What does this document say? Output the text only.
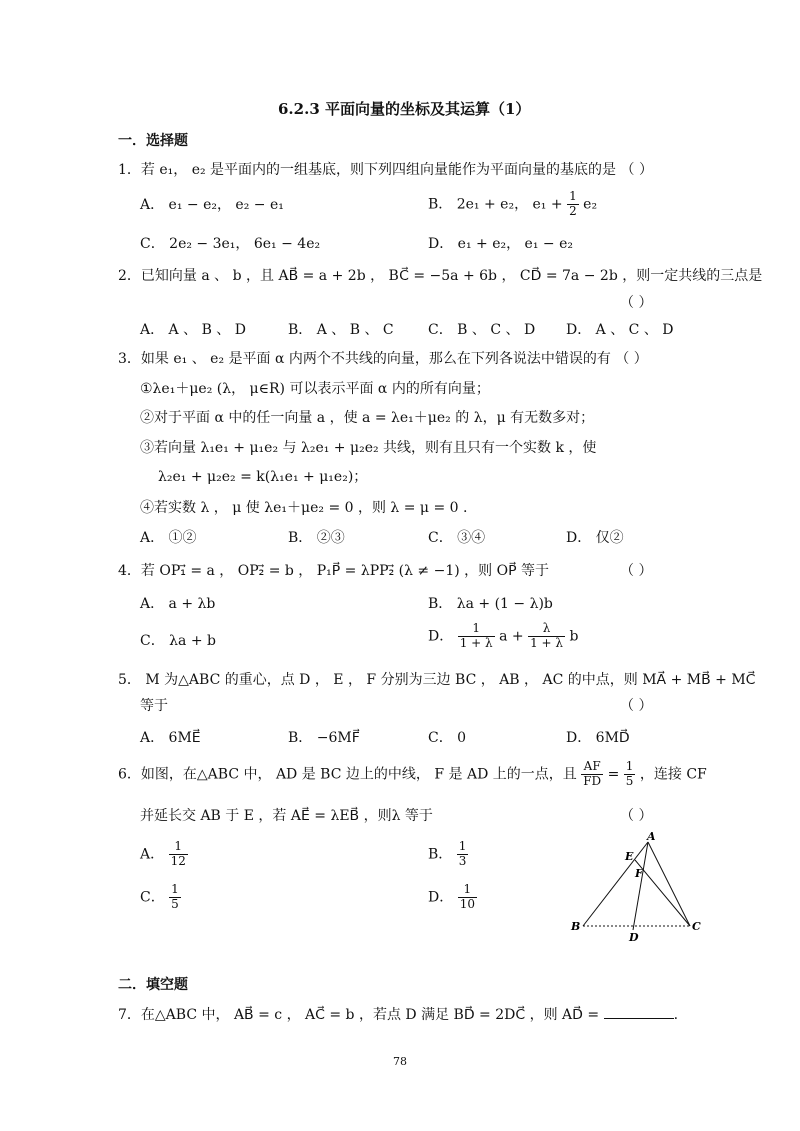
6.2.3 平面向量的坐标及其运算（1）
一．选择题
1．若 e₁， e₂ 是平面内的一组基底，则下列四组向量能作为平面向量的基底的是 （ ）
A． e₁ − e₂， e₂ − e₁	B． 2e₁ + e₂， $e_1 + \frac{1}{2} e_2$
C． 2e₂ − 3e₁， 6e₁ − 4e₂	D． e₁ + e₂， e₁ − e₂
2．已知向量 a 、 b ，且 AB⃗ = a + 2b ， BC⃗ = −5a + 6b ， CD⃗ = 7a − 2b ，则一定共线的三点是
（ ）
A． A 、 B 、 D	B． A 、 B 、 C C． B 、 C 、 D D． A 、 C 、 D
3．如果 e₁ 、 e₂ 是平面 α 内两个不共线的向量，那么在下列各说法中错误的有 （ ）
①λe₁＋μe₂ (λ， μ∈R) 可以表示平面 α 内的所有向量；
②对于平面 α 中的任一向量 a ，使 a = λe₁＋μe₂ 的 λ，μ 有无数多对；
③若向量 λ₁e₁ + μ₁e₂ 与 λ₂e₁ + μ₂e₂ 共线，则有且只有一个实数 k ，使
λ₂e₁ + μ₂e₂ = k(λ₁e₁ + μ₁e₂)；
④若实数 λ ， μ 使 λe₁＋μe₂ = 0 ，则 λ = μ = 0 .
A． ①②	B． ②③	C． ③④	D． 仅②
4．若 OP₁⃗ = a ， OP₂⃗ = b ， P₁P⃗ = λPP₂⃗ (λ ≠ −1) ，则 OP⃗ 等于	（ ）
A． a + λb	B． λa + (1 − λ)b
C． λa + b	D． $\frac{1}{1 + \lambda}$ $a + \frac{\lambda}{1 + \lambda}$ b
5． M 为△ABC 的重心，点 D ， E ， F 分别为三边 BC ， AB ， AC 的中点，则 MA⃗ + MB⃗ + MC⃗
等于	（ ）
A． 6ME⃗	B． −6MF⃗	C． 0	D． 6MD⃗
6．如图，在△ABC 中， AD 是 BC 边上的中线， F 是 AD 上的一点，且 $\frac{AF}{FD} = \frac{1}{5}$ ，连接 CF
并延长交 AB 于 E ，若 AE⃗ = λEB⃗ ，则λ 等于	（ ）
A． $\frac{1}{12}$	B． $\frac{1}{3}$
C． $\frac{1}{5}$	D． $\frac{1}{10}$
A
E
F
B
D
C
二．填空题
7．在△ABC 中， AB⃗ = c ， AC⃗ = b ，若点 D 满足 BD⃗ = 2DC⃗ ，则 AD⃗ =	.
78
